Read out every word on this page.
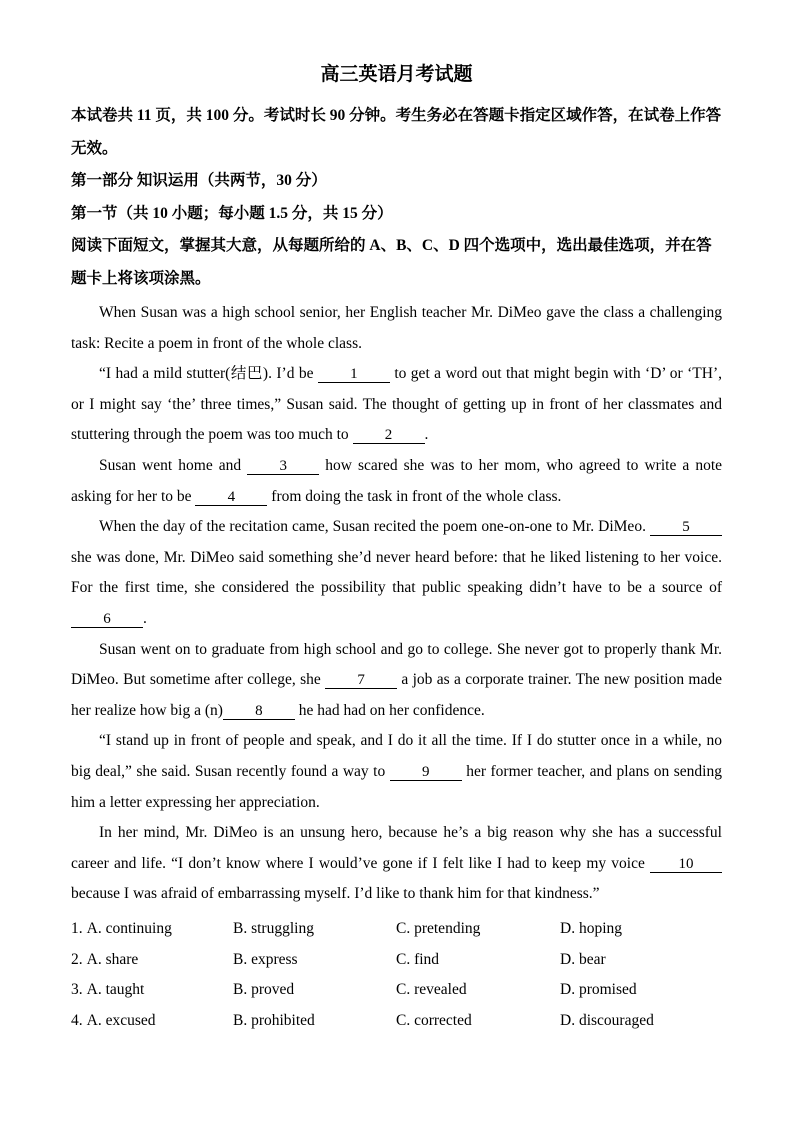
高三英语月考试题

本试卷共 11 页，共 100 分。考试时长 90 分钟。考生务必在答题卡指定区域作答，在试卷上作答无效。

第一部分 知识运用（共两节，30 分）

第一节（共 10 小题；每小题 1.5 分，共 15 分）

阅读下面短文，掌握其大意，从每题所给的 A、B、C、D 四个选项中，选出最佳选项，并在答题卡上将该项涂黑。

When Susan was a high school senior, her English teacher Mr. DiMeo gave the class a challenging task: Recite a poem in front of the whole class.

“I had a mild stutter(结巴). I’d be 1 to get a word out that might begin with ‘D’ or ‘TH’, or I might say ‘the’ three times,” Susan said. The thought of getting up in front of her classmates and stuttering through the poem was too much to 2 .

Susan went home and 3 how scared she was to her mom, who agreed to write a note asking for her to be 4 from doing the task in front of the whole class.

When the day of the recitation came, Susan recited the poem one-on-one to Mr. DiMeo. 5 she was done, Mr. DiMeo said something she’d never heard before: that he liked listening to her voice. For the first time, she considered the possibility that public speaking didn’t have to be a source of 6 .

Susan went on to graduate from high school and go to college. She never got to properly thank Mr. DiMeo. But sometime after college, she 7 a job as a corporate trainer. The new position made her realize how big a (n) 8 he had had on her confidence.

“I stand up in front of people and speak, and I do it all the time. If I do stutter once in a while, no big deal,” she said. Susan recently found a way to 9 her former teacher, and plans on sending him a letter expressing her appreciation.

In her mind, Mr. DiMeo is an unsung hero, because he’s a big reason why she has a successful career and life. “I don’t know where I would’ve gone if I felt like I had to keep my voice 10 because I was afraid of embarrassing myself. I’d like to thank him for that kindness.”

1. A. continuing	B. struggling	C. pretending	D. hoping
2. A. share	B. express	C. find	D. bear
3. A. taught	B. proved	C. revealed	D. promised
4. A. excused	B. prohibited	C. corrected	D. discouraged
